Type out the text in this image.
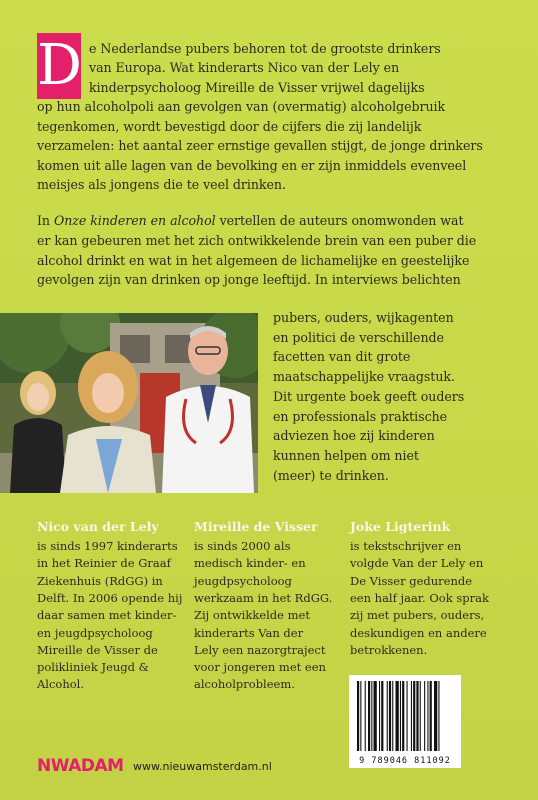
D e Nederlandse pubers behoren tot de grootste drinkers
van Europa. Wat kinderarts Nico van der Lely en
kinderpsycholoog Mireille de Visser vrijwel dagelijks
op hun alcoholpoli aan gevolgen van (overmatig) alcoholgebruik
tegenkomen, wordt bevestigd door de cijfers die zij landelijk
verzamelen: het aantal zeer ernstige gevallen stijgt, de jonge drinkers
komen uit alle lagen van de bevolking en er zijn inmiddels evenveel
meisjes als jongens die te veel drinken.
In Onze kinderen en alcohol vertellen de auteurs onomwonden wat
er kan gebeuren met het zich ontwikkelende brein van een puber die
alcohol drinkt en wat in het algemeen de lichamelijke en geestelijke
gevolgen zijn van drinken op jonge leeftijd. In interviews belichten
pubers, ouders, wijkagenten
en politici de verschillende
facetten van dit grote
maatschappelijke vraagstuk.
Dit urgente boek geeft ouders
en professionals praktische
adviezen hoe zij kinderen
kunnen helpen om niet
(meer) te drinken.
Nico van der Lely
is sinds 1997 kinderarts
in het Reinier de Graaf
Ziekenhuis (RdGG) in
Delft. In 2006 opende hij
daar samen met kinder-
en jeugdpsycholoog
Mireille de Visser de
polikliniek Jeugd &
Alcohol.
Mireille de Visser
is sinds 2000 als
medisch kinder- en
jeugdpsycholoog
werkzaam in het RdGG.
Zij ontwikkelde met
kinderarts Van der
Lely een nazorgtraject
voor jongeren met een
alcoholprobleem.
Joke Ligterink
is tekstschrijver en
volgde Van der Lely en
De Visser gedurende
een half jaar. Ook sprak
zij met pubers, ouders,
deskundigen en andere
betrokkenen.
9 789046 811092
NWADAM www.nieuwamsterdam.nl
